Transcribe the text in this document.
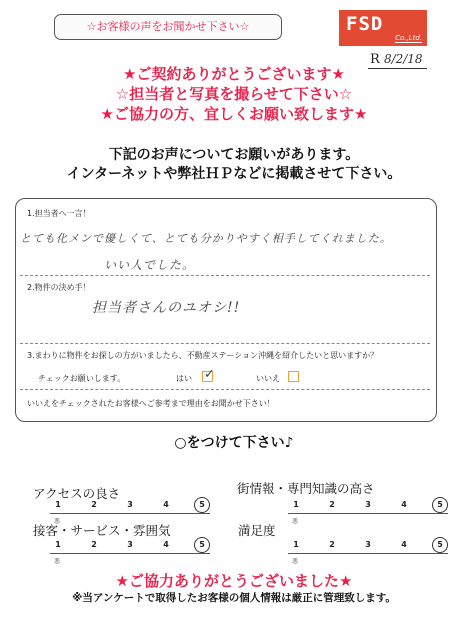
☆お客様の声をお聞かせ下さい☆	FSD
Co.,Ltd.
R 8/2/18
★ご契約ありがとうございます★
☆担当者と写真を撮らせて下さい☆
★ご協力の方、宜しくお願い致します★
下記のお声についてお願いがあります。
インターネットや弊社ＨＰなどに掲載させて下さい。
1.担当者へ一言！
とても化メンで優しくて、とても分かりやすく相手してくれました。
いい人でした。
2.物件の決め手！
担当者さんのユオシ!!
3.まわりに物件をお探しの方がいましたら、不動産ステーション沖縄を紹介したいと思いますか？
チェックお願いします。	はい ✓	いいえ
いいえをチェックされたお客様へご参考まで理由をお聞かせ下さい！
○をつけて下さい♪
アクセスの良さ	街情報・専門知識の高さ
接客・サービス・雰囲気	満足度
悪
1	2	3	4	5
悪
1	2	3	4	5
悪
1	2	3	4	5
悪
1	2	3	4	5
★ご協力ありがとうございました★
※当アンケートで取得したお客様の個人情報は厳正に管理致します。
